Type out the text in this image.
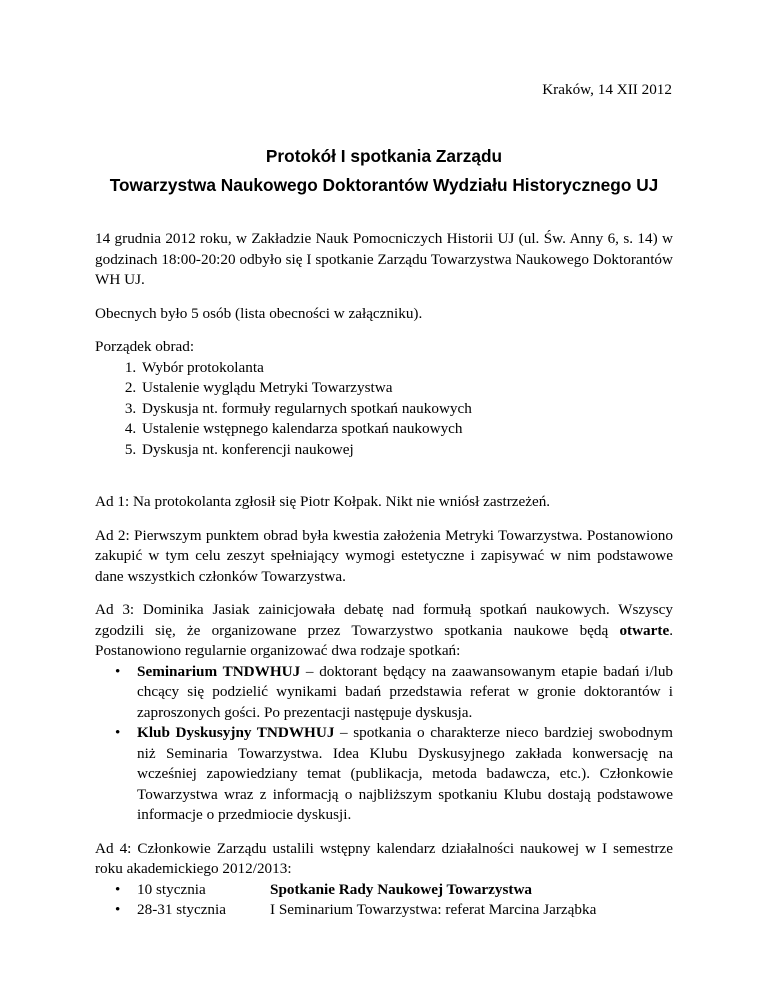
Kraków, 14 XII 2012
Protokół I spotkania Zarządu
Towarzystwa Naukowego Doktorantów Wydziału Historycznego UJ

14 grudnia 2012 roku, w Zakładzie Nauk Pomocniczych Historii UJ (ul. Św. Anny 6, s. 14) w godzinach 18:00-20:20 odbyło się I spotkanie Zarządu Towarzystwa Naukowego Doktorantów WH UJ.

Obecnych było 5 osób (lista obecności w załączniku).

Porządek obrad:
1. Wybór protokolanta
2. Ustalenie wyglądu Metryki Towarzystwa
3. Dyskusja nt. formuły regularnych spotkań naukowych
4. Ustalenie wstępnego kalendarza spotkań naukowych
5. Dyskusja nt. konferencji naukowej

Ad 1: Na protokolanta zgłosił się Piotr Kołpak. Nikt nie wniósł zastrzeżeń.

Ad 2: Pierwszym punktem obrad była kwestia założenia Metryki Towarzystwa. Postanowiono zakupić w tym celu zeszyt spełniający wymogi estetyczne i zapisywać w nim podstawowe dane wszystkich członków Towarzystwa.

Ad 3: Dominika Jasiak zainicjowała debatę nad formułą spotkań naukowych. Wszyscy zgodzili się, że organizowane przez Towarzystwo spotkania naukowe będą otwarte. Postanowiono regularnie organizować dwa rodzaje spotkań:
• Seminarium TNDWHUJ – doktorant będący na zaawansowanym etapie badań i/lub chcący się podzielić wynikami badań przedstawia referat w gronie doktorantów i zaproszonych gości. Po prezentacji następuje dyskusja.
• Klub Dyskusyjny TNDWHUJ – spotkania o charakterze nieco bardziej swobodnym niż Seminaria Towarzystwa. Idea Klubu Dyskusyjnego zakłada konwersację na wcześniej zapowiedziany temat (publikacja, metoda badawcza, etc.). Członkowie Towarzystwa wraz z informacją o najbliższym spotkaniu Klubu dostają podstawowe informacje o przedmiocie dyskusji.
Ad 4: Członkowie Zarządu ustalili wstępny kalendarz działalności naukowej w I semestrze roku akademickiego 2012/2013:
• 10 stycznia	Spotkanie Rady Naukowej Towarzystwa
• 28-31 stycznia	I Seminarium Towarzystwa: referat Marcina Jarząbka
